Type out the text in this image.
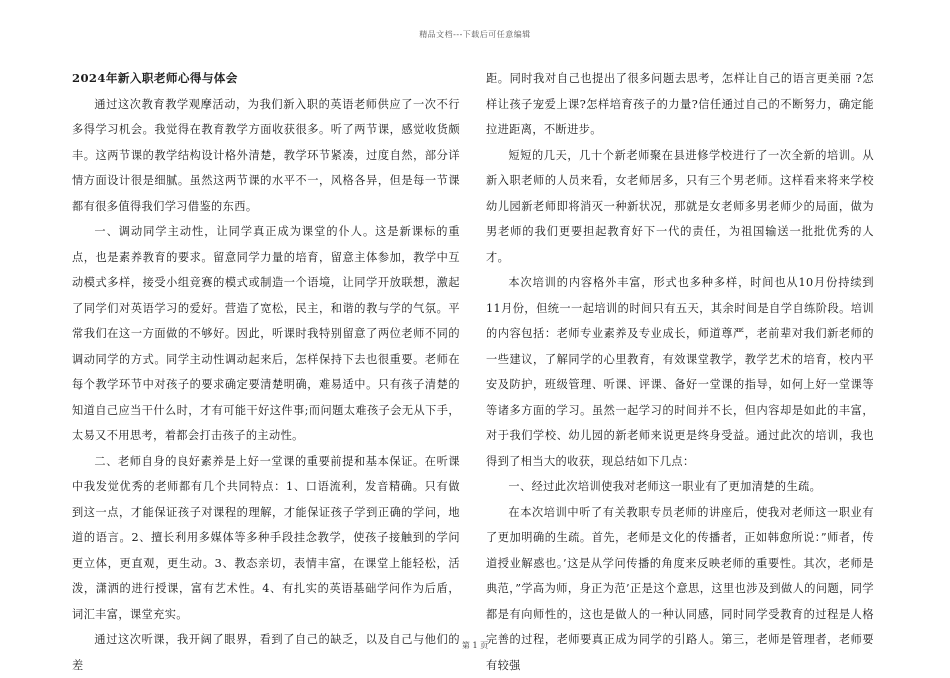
精品文档---下载后可任意编辑

2024年新入职老师心得与体会

通过这次教育教学观摩活动，为我们新入职的英语老师供应了一次不行多得学习机会。我觉得在教育教学方面收获很多。听了两节课，感觉收货颇丰。这两节课的教学结构设计格外清楚，教学环节紧凑，过度自然，部分详情方面设计很是细腻。虽然这两节课的水平不一，风格各异，但是每一节课都有很多值得我们学习借鉴的东西。

一、调动同学主动性，让同学真正成为课堂的仆人。这是新课标的重点，也是素养教育的要求。留意同学力量的培育，留意主体参加，教学中互动模式多样，接受小组竞赛的模式或制造一个语境，让同学开放联想，激起了同学们对英语学习的爱好。营造了宽松，民主，和谐的教与学的气氛。平常我们在这一方面做的不够好。因此，听课时我特别留意了两位老师不同的调动同学的方式。同学主动性调动起来后，怎样保持下去也很重要。老师在每个教学环节中对孩子的要求确定要清楚明确，难易适中。只有孩子清楚的知道自己应当干什么时，才有可能干好这件事;而问题太难孩子会无从下手，太易又不用思考，着都会打击孩子的主动性。

二、老师自身的良好素养是上好一堂课的重要前提和基本保证。在听课中我发觉优秀的老师都有几个共同特点：1、口语流利，发音精确。只有做到这一点，才能保证孩子对课程的理解，才能保证孩子学到正确的学问，地道的语言。2、擅长利用多媒体等多种手段挂念教学，使孩子接触到的学问更立体，更直观，更生动。3、教态亲切，表情丰富，在课堂上能轻松，活泼，潇洒的进行授课，富有艺术性。4、有扎实的英语基础学问作为后盾，词汇丰富，课堂充实。

通过这次听课，我开阔了眼界，看到了自己的缺乏，以及自己与他们的差

距。同时我对自己也提出了很多问题去思考，怎样让自己的语言更美丽 ?怎样让孩子宠爱上课?怎样培育孩子的力量?信任通过自己的不断努力，确定能拉进距离，不断进步。

短短的几天，几十个新老师聚在县进修学校进行了一次全新的培训。从新入职老师的人员来看，女老师居多，只有三个男老师。这样看来将来学校幼儿园新老师即将消灭一种新状况，那就是女老师多男老师少的局面，做为男老师的我们更要担起教育好下一代的责任，为祖国输送一批批优秀的人才。

本次培训的内容格外丰富，形式也多种多样，时间也从10月份持续到11月份，但统一一起培训的时间只有五天，其余时间是自学自练阶段。培训的内容包括：老师专业素养及专业成长，师道尊严，老前辈对我们新老师的一些建议，了解同学的心里教育，有效课堂教学，教学艺术的培育，校内平安及防护，班级管理、听课、评课、备好一堂课的指导，如何上好一堂课等等诸多方面的学习。虽然一起学习的时间并不长，但内容却是如此的丰富，对于我们学校、幼儿园的新老师来说更是终身受益。通过此次的培训，我也得到了相当大的收获，现总结如下几点：

一、经过此次培训使我对老师这一职业有了更加清楚的生疏。

在本次培训中听了有关教职专员老师的讲座后，使我对老师这一职业有了更加明确的生疏。首先，老师是文化的传播者，正如韩愈所说：”师者，传道授业解惑也。’这是从学问传播的角度来反映老师的重要性。其次，老师是典范，”学高为师，身正为范’正是这个意思，这里也涉及到做人的问题，同学都是有向师性的，这也是做人的一种认同感，同时同学受教育的过程是人格完善的过程，老师要真正成为同学的引路人。第三，老师是管理者，老师要有较强

第 1 页
